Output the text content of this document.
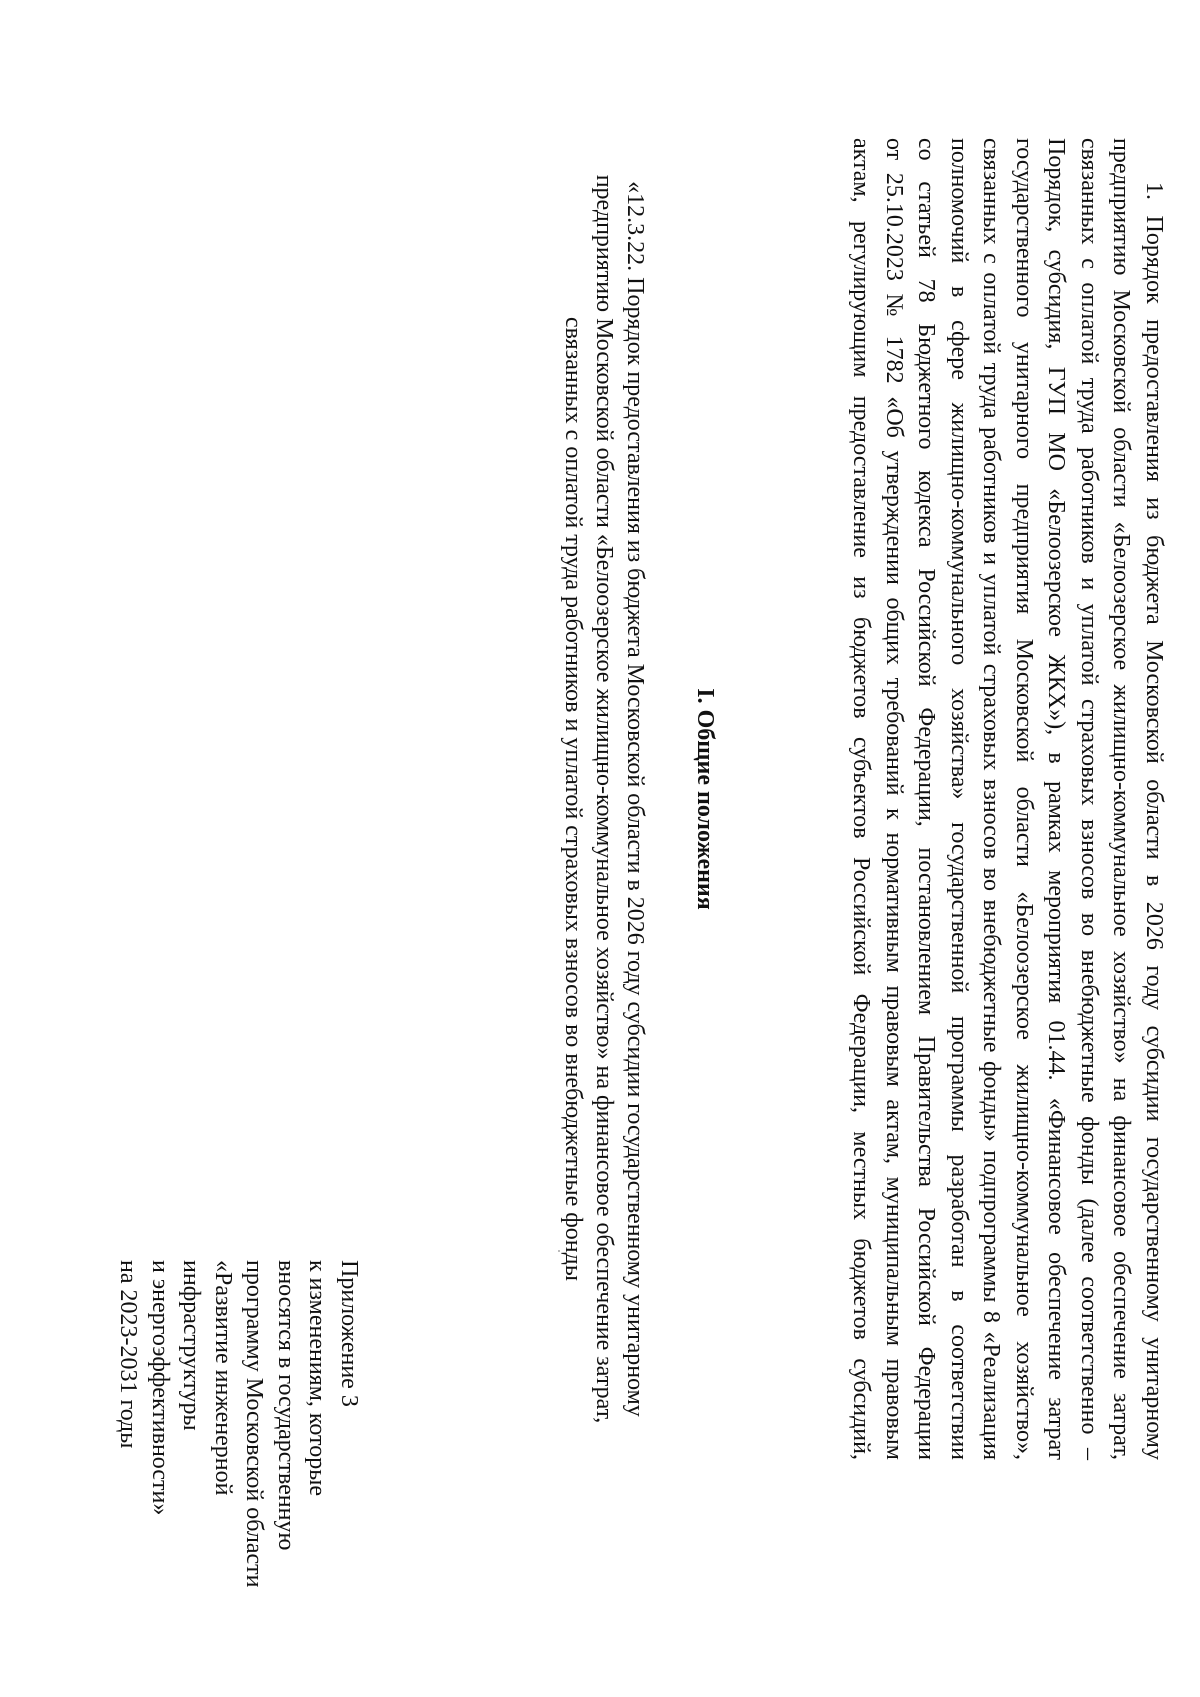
Приложение 3
к изменениям, которые
вносятся в государственную
программу Московской области
«Развитие инженерной
инфраструктуры
и энергоэффективности»
на 2023-2031 годы	«12.3.22. Порядок предоставления из бюджета Московской области в 2026 году субсидии государственному унитарному
предприятию Московской области «Белоозерское жилищно-коммунальное хозяйство» на финансовое обеспечение затрат,
связанных с оплатой труда работников и уплатой страховых взносов во внебюджетные фонды	I. Общие положения	1. Порядок предоставления из бюджета Московской области в 2026 году субсидии государственному унитарному
предприятию Московской области «Белоозерское жилищно-коммунальное хозяйство» на финансовое обеспечение затрат,
связанных с оплатой труда работников и уплатой страховых взносов во внебюджетные фонды (далее соответственно –
Порядок, субсидия, ГУП МО «Белоозерское ЖКХ»), в рамках мероприятия 01.44. «Финансовое обеспечение затрат
государственного унитарного предприятия Московской области «Белоозерское жилищно-коммунальное хозяйство»,
связанных с оплатой труда работников и уплатой страховых взносов во внебюджетные фонды» подпрограммы 8 «Реализация
полномочий в сфере жилищно-коммунального хозяйства» государственной программы разработан в соответствии
со статьей 78 Бюджетного кодекса Российской Федерации, постановлением Правительства Российской Федерации
от 25.10.2023 № 1782 «Об утверждении общих требований к нормативным правовым актам, муниципальным правовым
актам, регулирующим предоставление из бюджетов субъектов Российской Федерации, местных бюджетов субсидий,
